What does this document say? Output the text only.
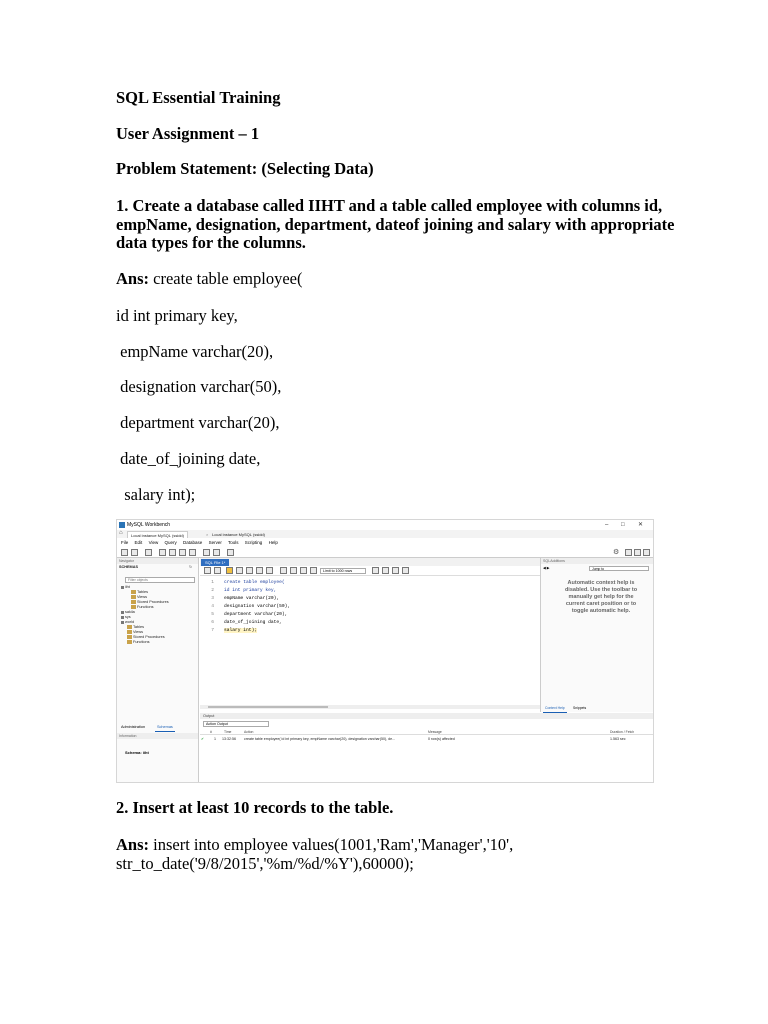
SQL Essential Training
User Assignment – 1
Problem Statement: (Selecting Data)
1. Create a database called IIHT and a table called employee with columns id, empName, designation, department, dateof joining and salary with appropriate data types for the columns.
Ans: create table employee(
id int primary key,
empName varchar(20),
designation varchar(50),
department varchar(20),
date_of_joining date,
salary int);
MySQL Workbench	– □ ✕
⌂	Local instance MySQL (ssidd)	× Local instance MySQL (ssidd)
File Edit View Query Database Server Tools Scripting Help
⚙
Navigator
SCHEMAS	↻
Filter objects
iiht
Tables
Views
Stored Procedures
Functions
sakila
sys
world
Tables
Views
Stored Procedures
Functions
Administration	Schemas
Information
Schema: iiht
SQL File 1*
Limit to 1000 rows
1 create table employee(
2 id int primary key,
3 empName varchar(20),
4 designation varchar(50),
5 department varchar(20),
6 date_of_joining date,
7 salary int);
SQLAdditions
◀ ▶	Jump to
Automatic context help is disabled. Use the toolbar to manually get help for the current caret position or to toggle automatic help.
Context Help	Snippets
Output
Action Output
#	Time	Action	Message	Duration / Fetch
✔	1 13:32:56 create table employee( id int primary key, empName varchar(20), designation varchar(50), de...	0 row(s) affected	1.563 sec
2. Insert at least 10 records to the table.
Ans: insert into employee values(1001,'Ram','Manager','10',
str_to_date('9/8/2015','%m/%d/%Y'),60000);
